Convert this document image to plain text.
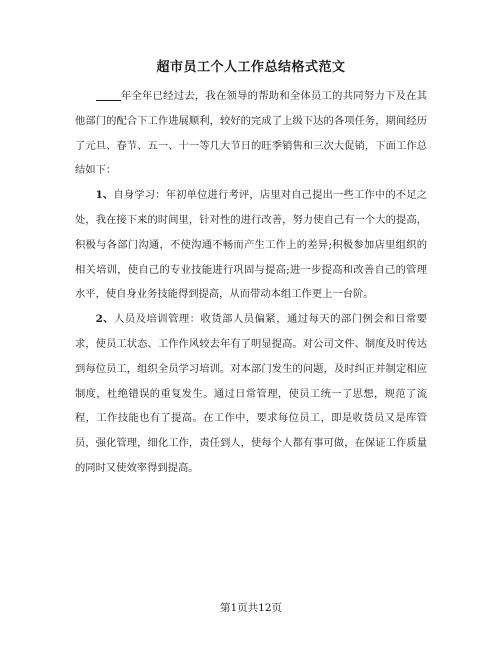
超市员工个人工作总结格式范文

年全年已经过去，我在领导的帮助和全体员工的共同努力下及在其他部门的配合下工作进展顺利，较好的完成了上级下达的各项任务，期间经历了元旦、春节、五一、十一等几大节日的旺季销售和三次大促销，下面工作总结如下：

1、自身学习：年初单位进行考评，店里对自己提出一些工作中的不足之处，我在接下来的时间里，针对性的进行改善，努力使自己有一个大的提高，积极与各部门沟通，不使沟通不畅而产生工作上的差异;积极参加店里组织的相关培训，使自己的专业技能进行巩固与提高;进一步提高和改善自己的管理水平，使自身业务技能得到提高，从而带动本组工作更上一台阶。

2、人员及培训管理：收货部人员偏紧，通过每天的部门例会和日常要求，使员工状态、工作作风较去年有了明显提高。对公司文件、制度及时传达到每位员工，组织全员学习培训。对本部门发生的问题，及时纠正并制定相应制度，杜绝错误的重复发生。通过日常管理，使员工统一了思想，规范了流程，工作技能也有了提高。在工作中，要求每位员工，即是收货员又是库管员，强化管理，细化工作，责任到人，使每个人都有事可做，在保证工作质量的同时又使效率得到提高。

第1页共12页
